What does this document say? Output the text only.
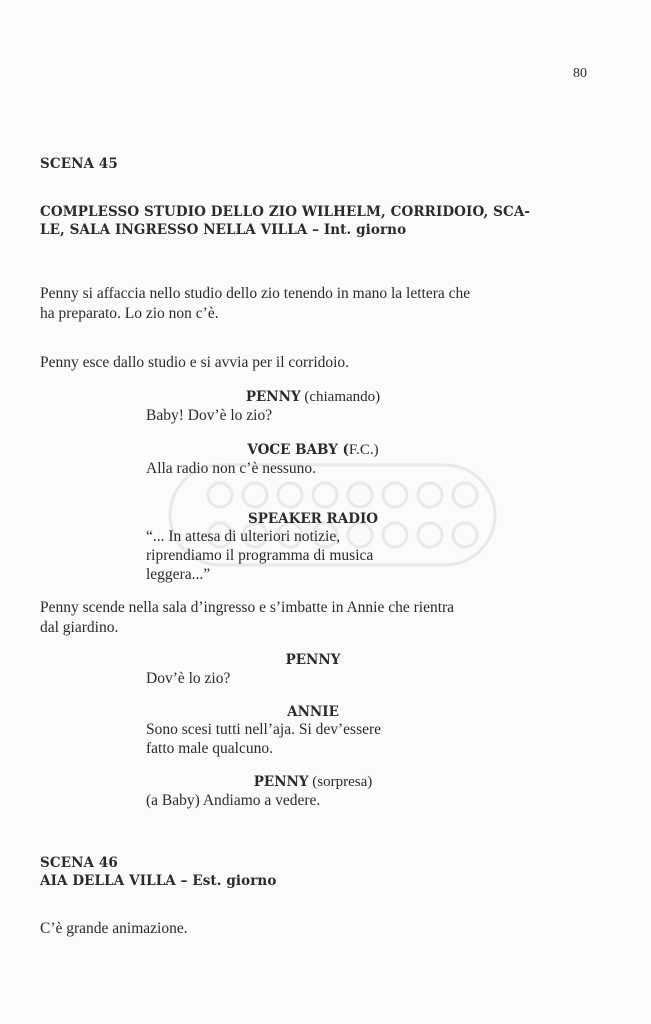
80
SCENA 45
COMPLESSO STUDIO DELLO ZIO WILHELM, CORRIDOIO, SCA-
LE, SALA INGRESSO NELLA VILLA – Int. giorno
Penny si affaccia nello studio dello zio tenendo in mano la lettera che
ha preparato. Lo zio non c’è.
Penny esce dallo studio e si avvia per il corridoio.
PENNY (chiamando)
Baby! Dov’è lo zio?
VOCE BABY (F.C.)
Alla radio non c’è nessuno.
SPEAKER RADIO
“... In attesa di ulteriori notizie,
riprendiamo il programma di musica
leggera...”
Penny scende nella sala d’ingresso e s’imbatte in Annie che rientra
dal giardino.
PENNY
Dov’è lo zio?
ANNIE
Sono scesi tutti nell’aja. Si dev’essere
fatto male qualcuno.
PENNY (sorpresa)
(a Baby) Andiamo a vedere.
SCENA 46
AIA DELLA VILLA – Est. giorno
C’è grande animazione.
